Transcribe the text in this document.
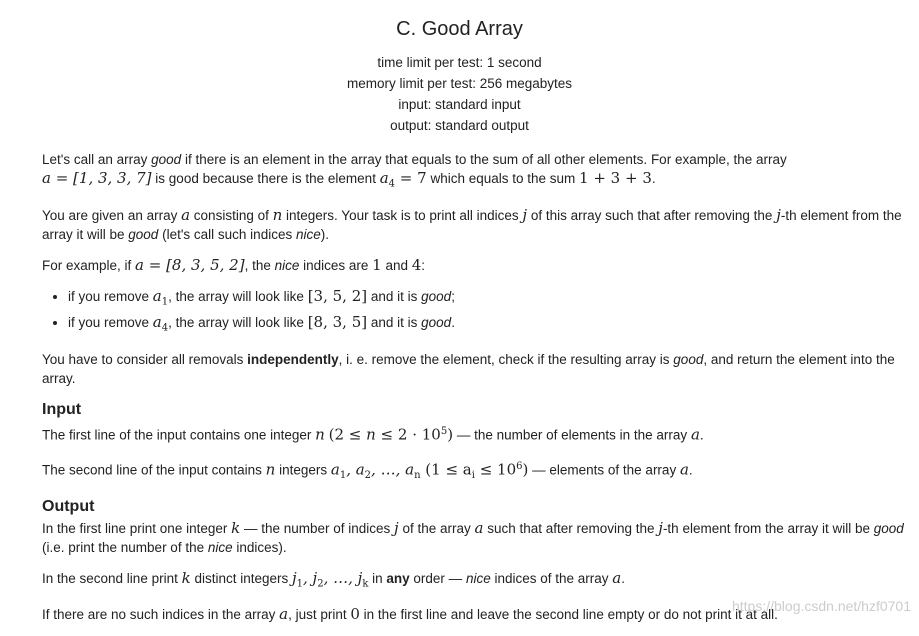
C. Good Array
time limit per test: 1 second
memory limit per test: 256 megabytes
input: standard input
output: standard output

Let's call an array good if there is an element in the array that equals to the sum of all other elements. For example, the array
a = [1, 3, 3, 7] is good because there is the element $a_4 = 7$ which equals to the sum 1 + 3 + 3.

You are given an array a consisting of n integers. Your task is to print all indices j of this array such that after removing the j-th element from the array it will be good (let's call such indices nice).

For example, if a = [8, 3, 5, 2], the nice indices are 1 and 4:

• if you remove $a_1$, the array will look like [3, 5, 2] and it is good;
• if you remove $a_4$, the array will look like [8, 3, 5] and it is good.

You have to consider all removals independently, i. e. remove the element, check if the resulting array is good, and return the element into the array.

Input

The first line of the input contains one integer n $(2 \le n \le 2 \cdot 10^5)$ — the number of elements in the array a.

The second line of the input contains n integers $a_1$, $a_2$, …, $a_n$ $(1 \le a_i \le 10^6)$ — elements of the array a.

Output

In the first line print one integer k — the number of indices j of the array a such that after removing the j-th element from the array it will be good (i.e. print the number of the nice indices).

In the second line print k distinct integers $j_1$, $j_2$, …, $j_k$ in any order — nice indices of the array a.

If there are no such indices in the array a, just print 0 in the first line and leave the second line empty or do not print it at all.

https://blog.csdn.net/hzf0701
